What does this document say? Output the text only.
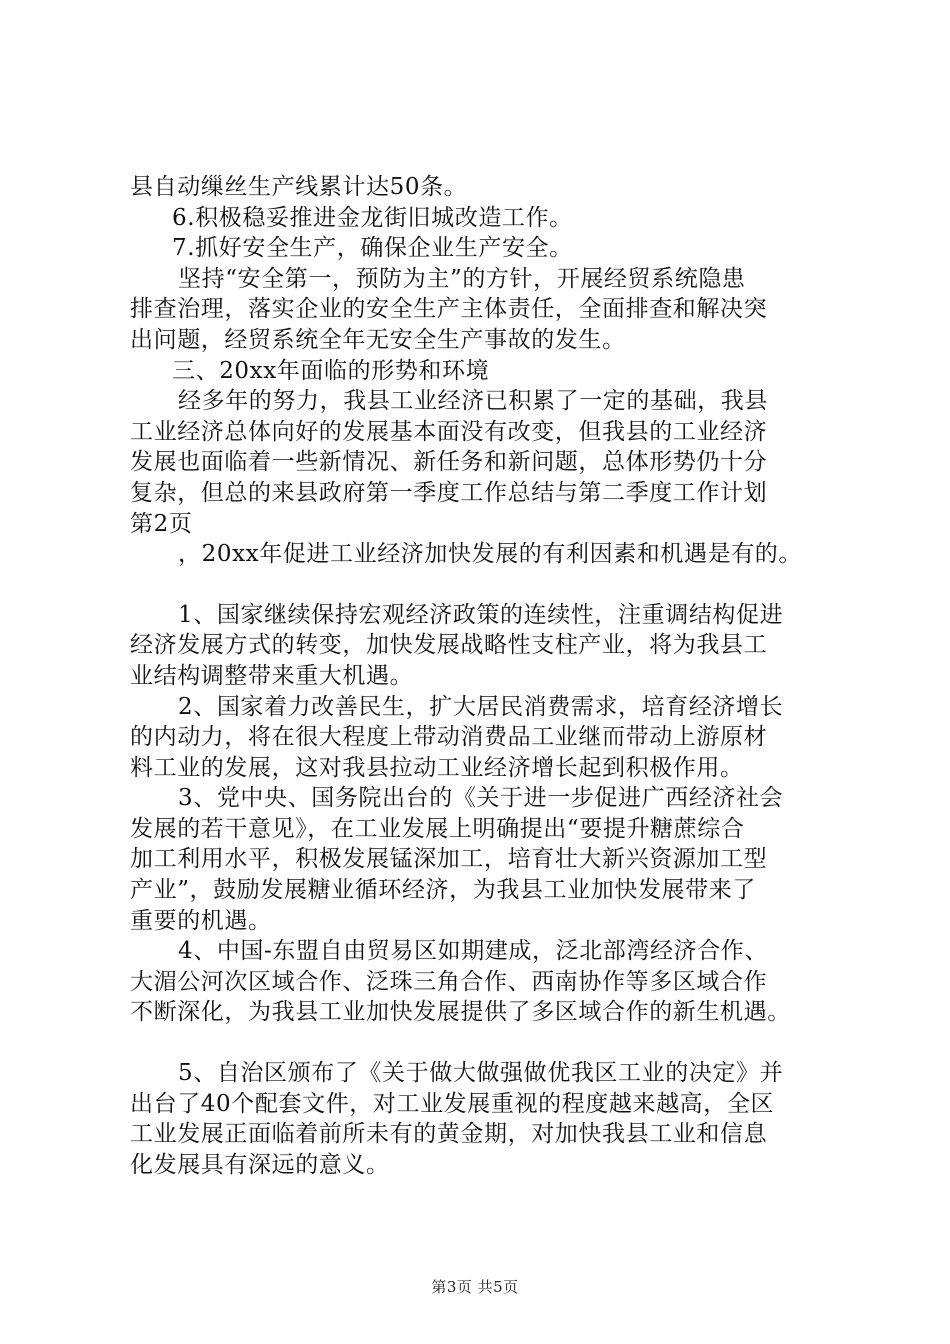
县自动缫丝生产线累计达50条。
6.积极稳妥推进金龙街旧城改造工作。
7.抓好安全生产，确保企业生产安全。
坚持“安全第一，预防为主”的方针，开展经贸系统隐患
排查治理，落实企业的安全生产主体责任，全面排查和解决突
出问题，经贸系统全年无安全生产事故的发生。
三、20xx年面临的形势和环境
经多年的努力，我县工业经济已积累了一定的基础，我县
工业经济总体向好的发展基本面没有改变，但我县的工业经济
发展也面临着一些新情况、新任务和新问题，总体形势仍十分
复杂，但总的来县政府第一季度工作总结与第二季度工作计划
第2页
，20xx年促进工业经济加快发展的有利因素和机遇是有的。
1、国家继续保持宏观经济政策的连续性，注重调结构促进
经济发展方式的转变，加快发展战略性支柱产业，将为我县工
业结构调整带来重大机遇。
2、国家着力改善民生，扩大居民消费需求，培育经济增长
的内动力，将在很大程度上带动消费品工业继而带动上游原材
料工业的发展，这对我县拉动工业经济增长起到积极作用。
3、党中央、国务院出台的《关于进一步促进广西经济社会
发展的若干意见》，在工业发展上明确提出“要提升糖蔗综合
加工利用水平，积极发展锰深加工，培育壮大新兴资源加工型
产业”，鼓励发展糖业循环经济，为我县工业加快发展带来了
重要的机遇。
4、中国-东盟自由贸易区如期建成，泛北部湾经济合作、
大湄公河次区域合作、泛珠三角合作、西南协作等多区域合作
不断深化，为我县工业加快发展提供了多区域合作的新生机遇。
5、自治区颁布了《关于做大做强做优我区工业的决定》并
出台了40个配套文件，对工业发展重视的程度越来越高，全区
工业发展正面临着前所未有的黄金期，对加快我县工业和信息
化发展具有深远的意义。
第3页 共5页
